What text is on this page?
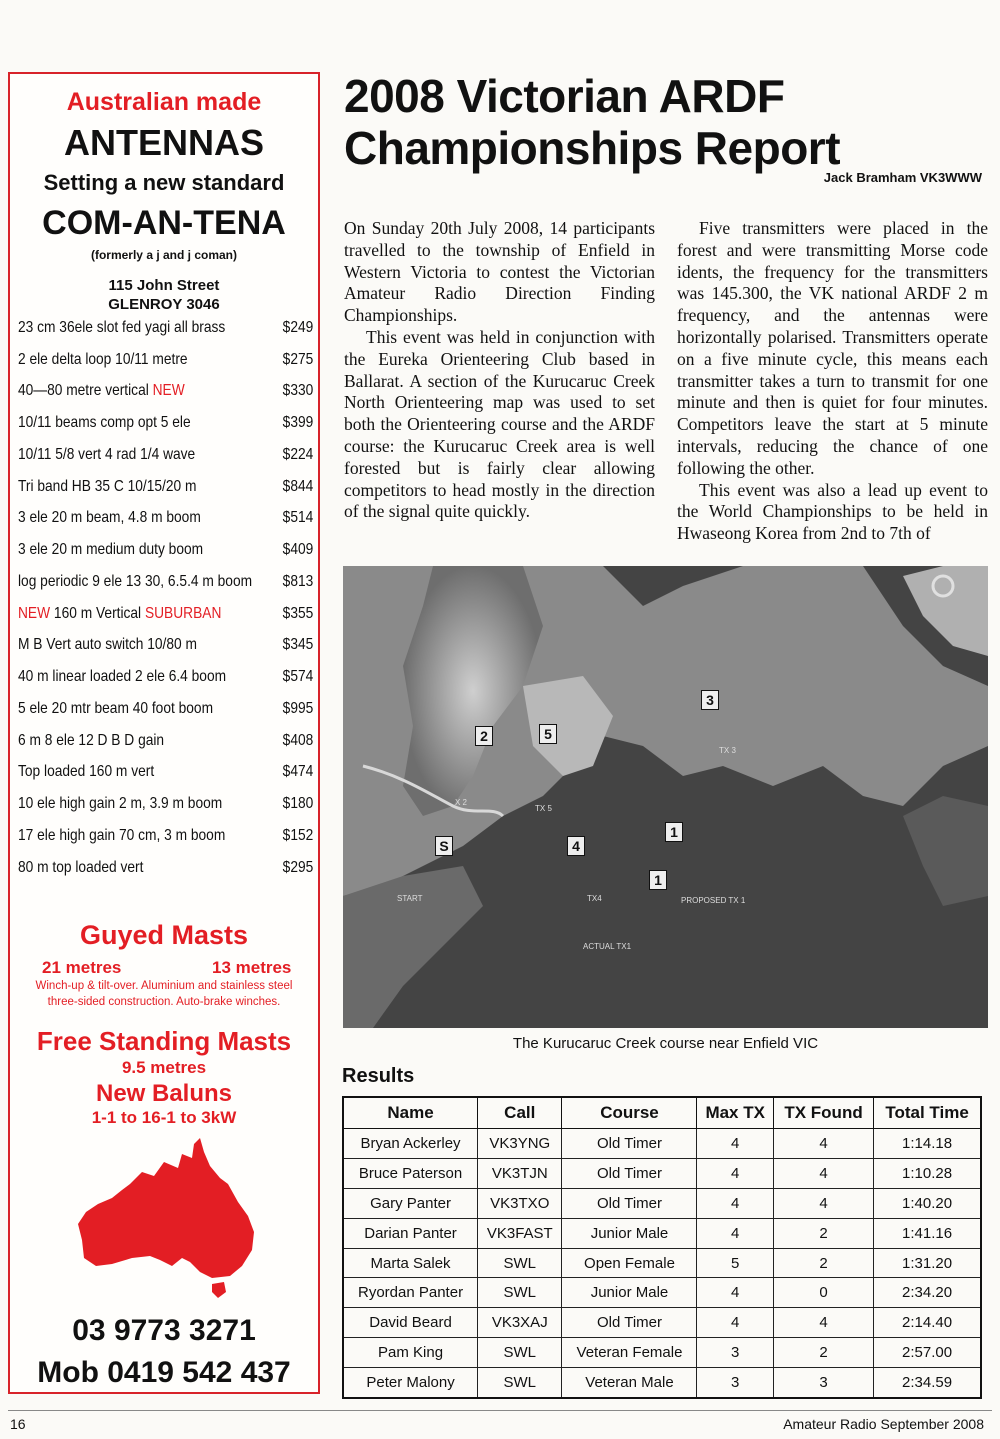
Australian made
ANTENNAS
Setting a new standard
COM-AN-TENA
(formerly a j and j coman)
115 John Street
GLENROY 3046
23 cm 36ele slot fed yagi all brass	$249
2 ele delta loop 10/11 metre	$275
40—80 metre vertical NEW	$330
10/11 beams comp opt 5 ele	$399
10/11 5/8 vert 4 rad 1/4 wave	$224
Tri band HB 35 C 10/15/20 m	$844
3 ele 20 m beam, 4.8 m boom	$514
3 ele 20 m medium duty boom	$409
log periodic 9 ele 13 30, 6.5.4 m boom $813
NEW 160 m Vertical SUBURBAN	$355
M B Vert auto switch 10/80 m	$345
40 m linear loaded 2 ele 6.4 boom	$574
5 ele 20 mtr beam 40 foot boom	$995
6 m 8 ele 12 D B D gain	$408
Top loaded 160 m vert	$474
10 ele high gain 2 m, 3.9 m boom	$180
17 ele high gain 70 cm, 3 m boom	$152
80 m top loaded vert	$295
Guyed Masts
21 metres	13 metres
Winch-up & tilt-over. Aluminium and stainless steel
three-sided construction. Auto-brake winches.
Free Standing Masts
9.5 metres
New Baluns
1-1 to 16-1 to 3kW
03 9773 3271
Mob 0419 542 437
2008 Victorian ARDF
Championships Report
Jack Bramham VK3WWW

On Sunday 20th July 2008, 14 participants travelled to the township of Enfield in Western Victoria to contest the Victorian Amateur Radio Direction Finding Championships.

This event was held in conjunction with the Eureka Orienteering Club based in Ballarat. A section of the Kurucaruc Creek North Orienteering map was used to set both the Orienteering course and the ARDF course: the Kurucaruc Creek area is well forested but is fairly clear allowing competitors to head mostly in the direction of the signal quite quickly.

Five transmitters were placed in the forest and were transmitting Morse code idents, the frequency for the transmitters was 145.300, the VK national ARDF 2 m frequency, and the antennas were horizontally polarised. Transmitters operate on a five minute cycle, this means each transmitter takes a turn to transmit for one minute and then is quiet for four minutes. Competitors leave the start at 5 minute intervals, reducing the chance of one following the other.

This event was also a lead up event to the World Championships to be held in Hwaseong Korea from 2nd to 7th of

3
2	5
1
4
S
1
TX 3
TX 5
TX4
START	PROPOSED TX 1
ACTUAL TX1
X 2
The Kurucaruc Creek course near Enfield VIC
Results
Name	Call	Course	Max TX	TX Found	Total Time
Bryan Ackerley	VK3YNG	Old Timer	4	4	1:14.18
Bruce Paterson	VK3TJN	Old Timer	4	4	1:10.28
Gary Panter	VK3TXO	Old Timer	4	4	1:40.20
Darian Panter	VK3FAST	Junior Male	4	2	1:41.16
Marta Salek	SWL	Open Female	5	2	1:31.20
Ryordan Panter	SWL	Junior Male	4	0	2:34.20
David Beard	VK3XAJ	Old Timer	4	4	2:14.40
Pam King	SWL	Veteran Female	3	2	2:57.00
Peter Malony	SWL	Veteran Male	3	3	2:34.59
16	Amateur Radio September 2008
